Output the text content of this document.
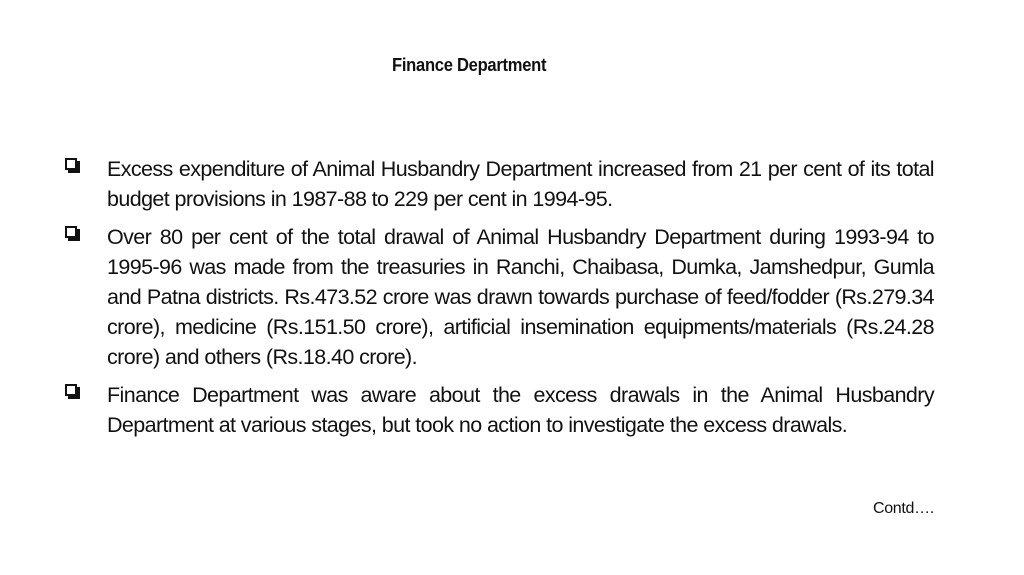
Finance Department
Excess expenditure of Animal Husbandry Department increased from 21 per cent of its total budget provisions in 1987-88 to 229 per cent in 1994-95.
Over 80 per cent of the total drawal of Animal Husbandry Department during 1993-94 to 1995-96 was made from the treasuries in Ranchi, Chaibasa, Dumka, Jamshedpur, Gumla and Patna districts. Rs.473.52 crore was drawn towards purchase of feed/fodder (Rs.279.34 crore), medicine (Rs.151.50 crore), artificial insemination equipments/materials (Rs.24.28 crore) and others (Rs.18.40 crore).
Finance Department was aware about the excess drawals in the Animal Husbandry Department at various stages, but took no action to investigate the excess drawals.
Contd….
